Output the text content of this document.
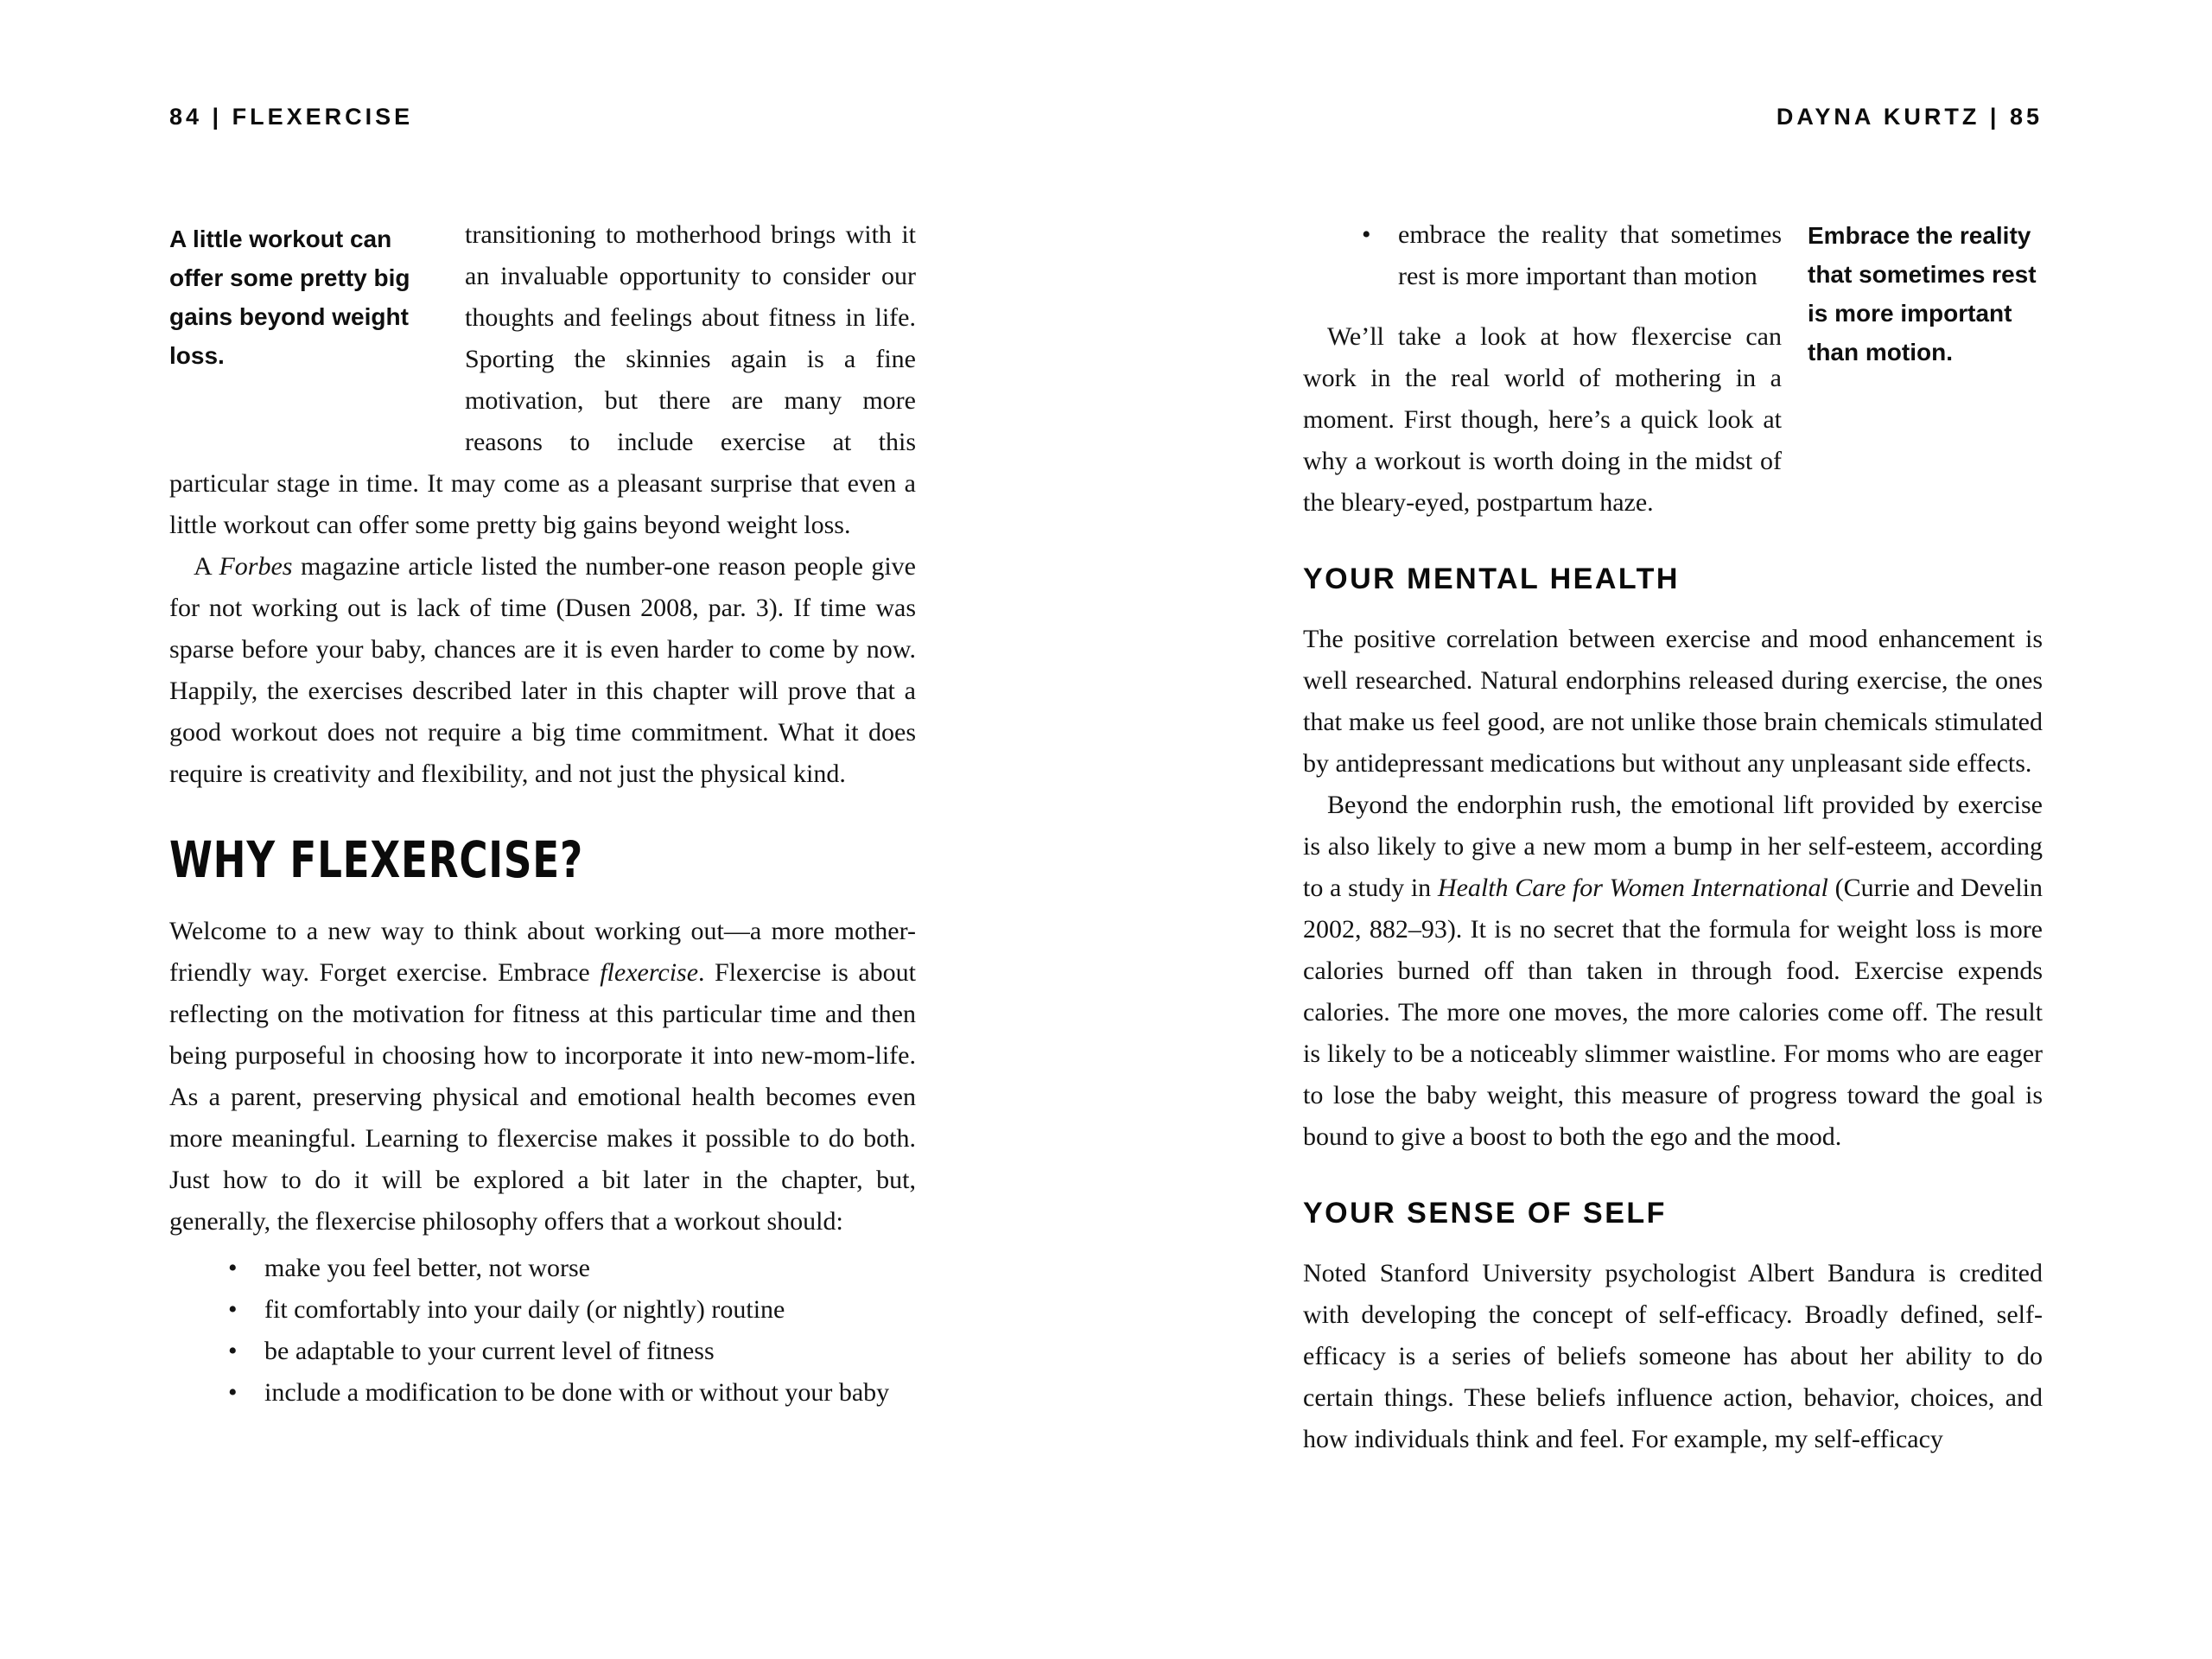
84 | FLEXERCISE
A little workout can offer some pretty big gains beyond weight loss.

transitioning to motherhood brings with it an invaluable opportunity to consider our thoughts and feelings about fitness in life. Sporting the skinnies again is a fine motivation, but there are many more reasons to include exercise at this particular stage in time. It may come as a pleasant surprise that even a little workout can offer some pretty big gains beyond weight loss.

A Forbes magazine article listed the number-one reason people give for not working out is lack of time (Dusen 2008, par. 3). If time was sparse before your baby, chances are it is even harder to come by now. Happily, the exercises described later in this chapter will prove that a good workout does not require a big time commitment. What it does require is creativity and flexibility, and not just the physical kind.

WHY FLEXERCISE?

Welcome to a new way to think about working out—a more mother-friendly way. Forget exercise. Embrace flexercise. Flexercise is about reflecting on the motivation for fitness at this particular time and then being purposeful in choosing how to incorporate it into new-mom-life. As a parent, preserving physical and emotional health becomes even more meaningful. Learning to flexercise makes it possible to do both. Just how to do it will be explored a bit later in the chapter, but, generally, the flexercise philosophy offers that a workout should:

• make you feel better, not worse
• fit comfortably into your daily (or nightly) routine
• be adaptable to your current level of fitness
• include a modification to be done with or without your baby
DAYNA KURTZ | 85
Embrace the reality that sometimes rest is more important than motion.
• embrace the reality that sometimes rest is more important than motion

We’ll take a look at how flexercise can work in the real world of mothering in a moment. First though, here’s a quick look at why a workout is worth doing in the midst of the bleary-eyed, postpartum haze.

YOUR MENTAL HEALTH

The positive correlation between exercise and mood enhancement is well researched. Natural endorphins released during exercise, the ones that make us feel good, are not unlike those brain chemicals stimulated by antidepressant medications but without any unpleasant side effects.

Beyond the endorphin rush, the emotional lift provided by exercise is also likely to give a new mom a bump in her self-esteem, according to a study in Health Care for Women International (Currie and Develin 2002, 882–93). It is no secret that the formula for weight loss is more calories burned off than taken in through food. Exercise expends calories. The more one moves, the more calories come off. The result is likely to be a noticeably slimmer waistline. For moms who are eager to lose the baby weight, this measure of progress toward the goal is bound to give a boost to both the ego and the mood.

YOUR SENSE OF SELF

Noted Stanford University psychologist Albert Bandura is credited with developing the concept of self-efficacy. Broadly defined, self-efficacy is a series of beliefs someone has about her ability to do certain things. These beliefs influence action, behavior, choices, and how individuals think and feel. For example, my self-efficacy
